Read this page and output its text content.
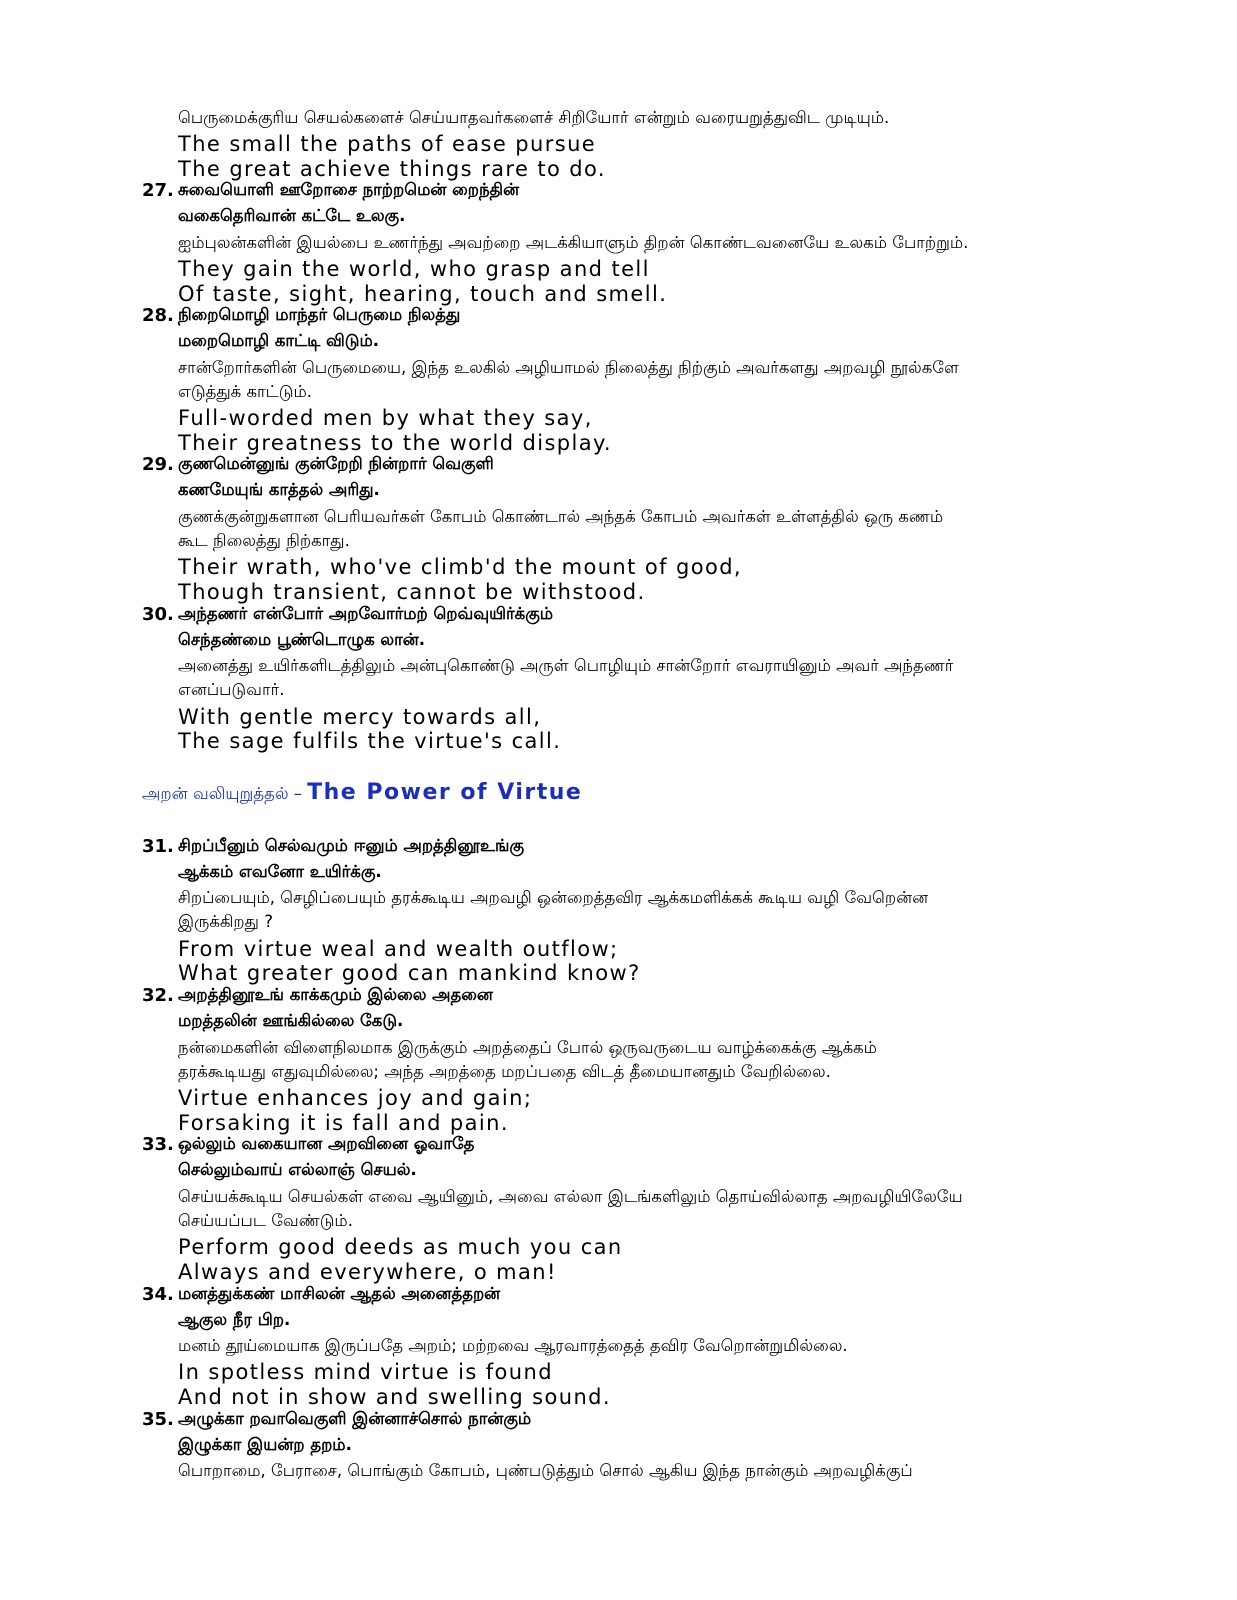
பெருமைக்குரிய செயல்களைச் செய்யாதவர்களைச் சிறியோர் என்றும் வரையறுத்துவிட முடியும்.
The small the paths of ease pursue
The great achieve things rare to do.
27. சுவையொளி ஊறோசை நாற்றமென் றைந்தின்
வகைதெரிவான் கட்டே உலகு.
ஐம்புலன்களின் இயல்பை உணர்ந்து அவற்றை அடக்கியாளும் திறன் கொண்டவனையே உலகம் போற்றும்.
They gain the world, who grasp and tell
Of taste, sight, hearing, touch and smell.
28. நிறைமொழி மாந்தர் பெருமை நிலத்து
மறைமொழி காட்டி விடும்.
சான்றோர்களின் பெருமையை, இந்த உலகில் அழியாமல் நிலைத்து நிற்கும் அவர்களது அறவழி நூல்களே
எடுத்துக் காட்டும்.
Full-worded men by what they say,
Their greatness to the world display.
29. குணமென்னுங் குன்றேறி நின்றார் வெகுளி
கணமேயுங் காத்தல் அரிது.
குணக்குன்றுகளான பெரியவர்கள் கோபம் கொண்டால் அந்தக் கோபம் அவர்கள் உள்ளத்தில் ஒரு கணம்
கூட நிலைத்து நிற்காது.
Their wrath, who've climb'd the mount of good,
Though transient, cannot be withstood.
30. அந்தணர் என்போர் அறவோர்மற் றெவ்வுயிர்க்கும்
செந்தண்மை பூண்டொழுக லான்.
அனைத்து உயிர்களிடத்திலும் அன்புகொண்டு அருள் பொழியும் சான்றோர் எவராயினும் அவர் அந்தணர்
எனப்படுவார்.
With gentle mercy towards all,
The sage fulfils the virtue's call.
அறன் வலியுறுத்தல் – The Power of Virtue
31. சிறப்பீனும் செல்வமும் ஈனும் அறத்தினூஉங்கு
ஆக்கம் எவனோ உயிர்க்கு.
சிறப்பையும், செழிப்பையும் தரக்கூடிய அறவழி ஒன்றைத்தவிர ஆக்கமளிக்கக் கூடிய வழி வேறென்ன
இருக்கிறது ?
From virtue weal and wealth outflow;
What greater good can mankind know?
32. அறத்தினூஉங் காக்கமும் இல்லை அதனை
மறத்தலின் ஊங்கில்லை கேடு.
நன்மைகளின் விளைநிலமாக இருக்கும் அறத்தைப் போல் ஒருவருடைய வாழ்க்கைக்கு ஆக்கம்
தரக்கூடியது எதுவுமில்லை; அந்த அறத்தை மறப்பதை விடத் தீமையானதும் வேறில்லை.
Virtue enhances joy and gain;
Forsaking it is fall and pain.
33. ஒல்லும் வகையான அறவினை ஓவாதே
செல்லும்வாய் எல்லாஞ் செயல்.
செய்யக்கூடிய செயல்கள் எவை ஆயினும், அவை எல்லா இடங்களிலும் தொய்வில்லாத அறவழியிலேயே
செய்யப்பட வேண்டும்.
Perform good deeds as much you can
Always and everywhere, o man!
34. மனத்துக்கண் மாசிலன் ஆதல் அனைத்தறன்
ஆகுல நீர பிற.
மனம் தூய்மையாக இருப்பதே அறம்; மற்றவை ஆரவாரத்தைத் தவிர வேறொன்றுமில்லை.
In spotless mind virtue is found
And not in show and swelling sound.
35. அழுக்கா றவாவெகுளி இன்னாச்சொல் நான்கும்
இழுக்கா இயன்ற தறம்.
பொறாமை, பேராசை, பொங்கும் கோபம், புண்படுத்தும் சொல் ஆகிய இந்த நான்கும் அறவழிக்குப்
